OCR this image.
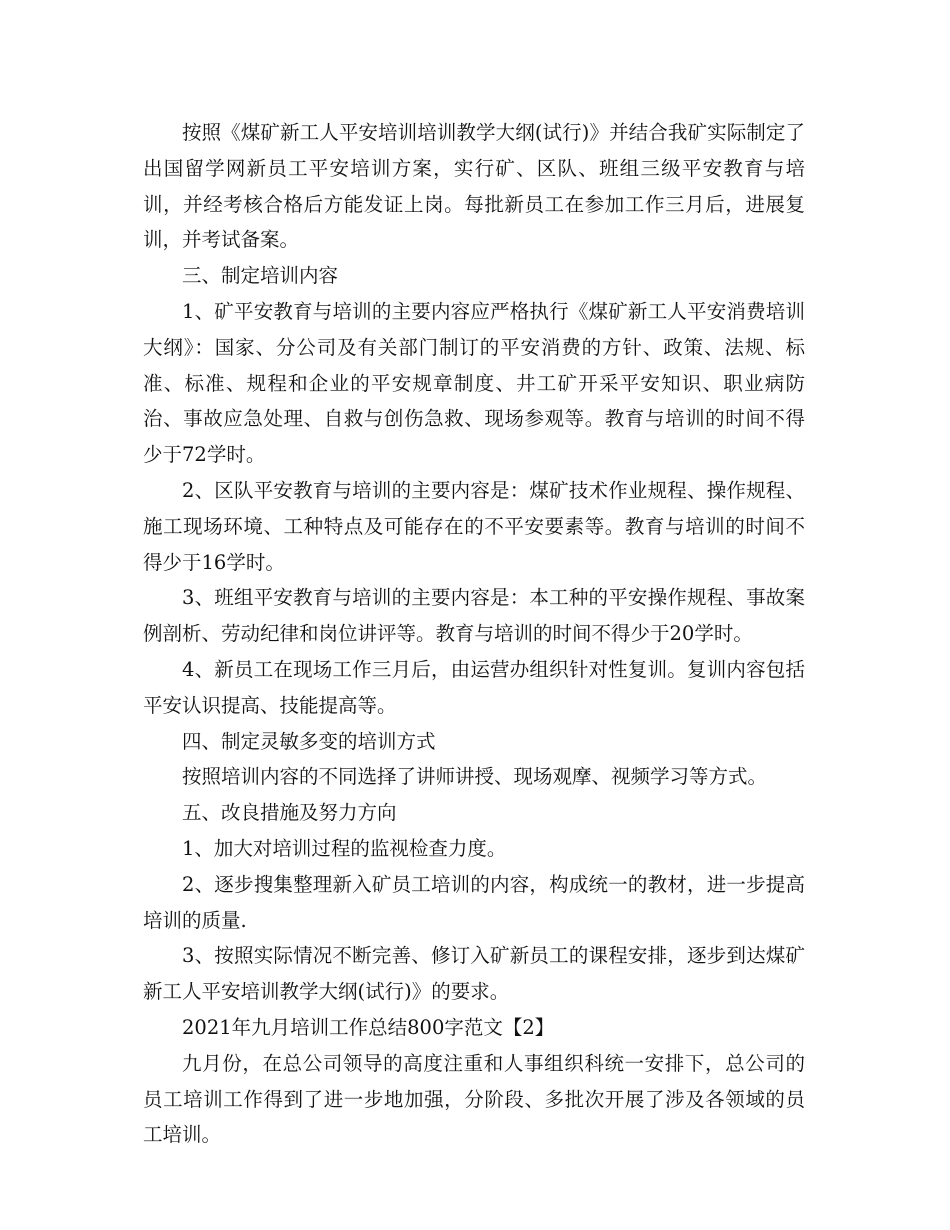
按照《煤矿新工人平安培训培训教学大纲(试行)》并结合我矿实际制定了出国留学网新员工平安培训方案，实行矿、区队、班组三级平安教育与培训，并经考核合格后方能发证上岗。每批新员工在参加工作三月后，进展复训，并考试备案。

三、制定培训内容

1、矿平安教育与培训的主要内容应严格执行《煤矿新工人平安消费培训大纲》：国家、分公司及有关部门制订的平安消费的方针、政策、法规、标准、标准、规程和企业的平安规章制度、井工矿开采平安知识、职业病防治、事故应急处理、自救与创伤急救、现场参观等。教育与培训的时间不得少于72学时。

2、区队平安教育与培训的主要内容是：煤矿技术作业规程、操作规程、施工现场环境、工种特点及可能存在的不平安要素等。教育与培训的时间不得少于16学时。

3、班组平安教育与培训的主要内容是：本工种的平安操作规程、事故案例剖析、劳动纪律和岗位讲评等。教育与培训的时间不得少于20学时。

4、新员工在现场工作三月后，由运营办组织针对性复训。复训内容包括平安认识提高、技能提高等。

四、制定灵敏多变的培训方式

按照培训内容的不同选择了讲师讲授、现场观摩、视频学习等方式。

五、改良措施及努力方向

1、加大对培训过程的监视检查力度。

2、逐步搜集整理新入矿员工培训的内容，构成统一的教材，进一步提高培训的质量.

3、按照实际情况不断完善、修订入矿新员工的课程安排，逐步到达煤矿新工人平安培训教学大纲(试行)》的要求。

2021年九月培训工作总结800字范文【2】

九月份，在总公司领导的高度注重和人事组织科统一安排下，总公司的员工培训工作得到了进一步地加强，分阶段、多批次开展了涉及各领域的员工培训。
